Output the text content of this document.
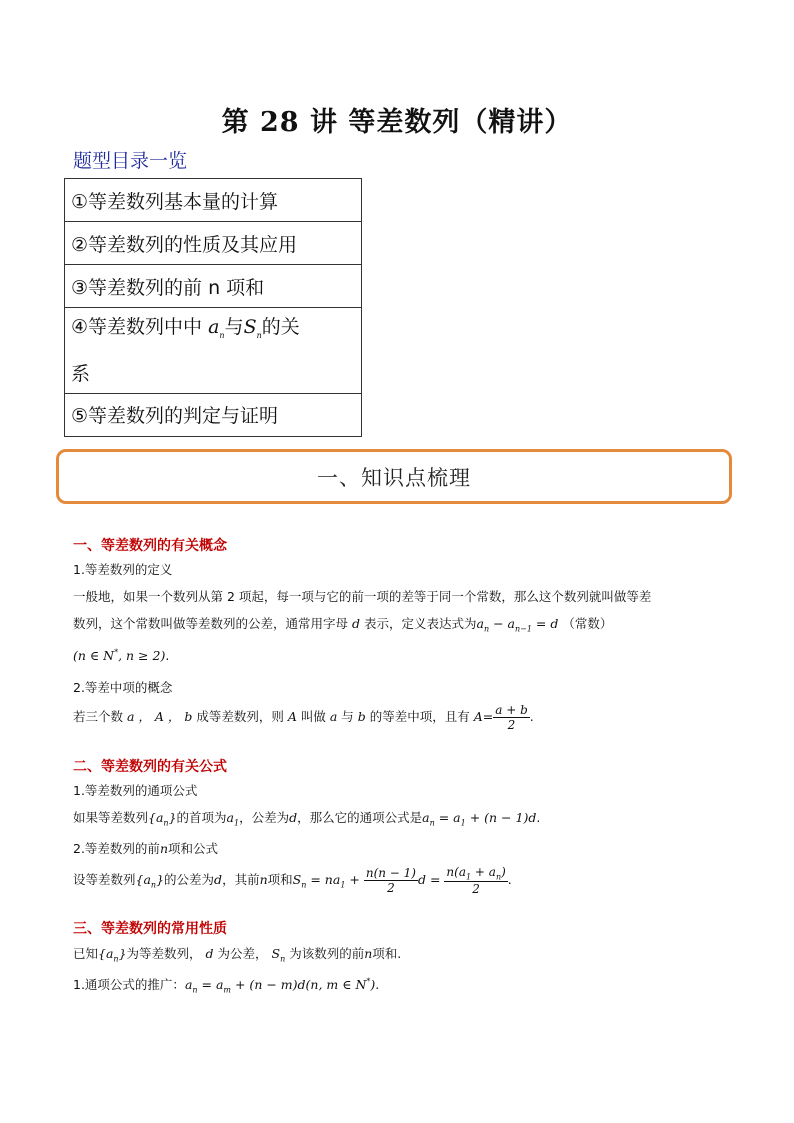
第 28 讲 等差数列（精讲）
题型目录一览
①等差数列基本量的计算
②等差数列的性质及其应用
③等差数列的前 n 项和
④等差数列中中 $a_n$与$S_n$的关
系
⑤等差数列的判定与证明
一、知识点梳理
一、等差数列的有关概念
1.等差数列的定义
一般地，如果一个数列从第 2 项起，每一项与它的前一项的差等于同一个常数，那么这个数列就叫做等差
数列，这个常数叫做等差数列的公差，通常用字母 d 表示，定义表达式为$a_n - a_{n-1} = d$ （常数）
(n ∈ N*, n ≥ 2).
2.等差中项的概念
若三个数 a ， A ， b 成等差数列，则 A 叫做 a 与 b 的等差中项，且有 $A= \frac{a + b}{2}$ .
二、等差数列的有关公式
1.等差数列的通项公式
如果等差数列$\{a_n\}$的首项为$a_1$，公差为d，那么它的通项公式是$a_n = a_1 + (n - 1)d$.
2.等差数列的前n项和公式
设等差数列$\{a_n\}$的公差为d，其前n项和$S_n = na_1 + \frac{n(n - 1)}{2}$ $d = \frac{n(a_1 + a_n)}{2}$ .
三、等差数列的常用性质
已知$\{a_n\}$为等差数列， d 为公差， $S_n$ 为该数列的前n项和.
1.通项公式的推广：$a_n = a_m + (n - m)d(n$, m ∈ N*).
